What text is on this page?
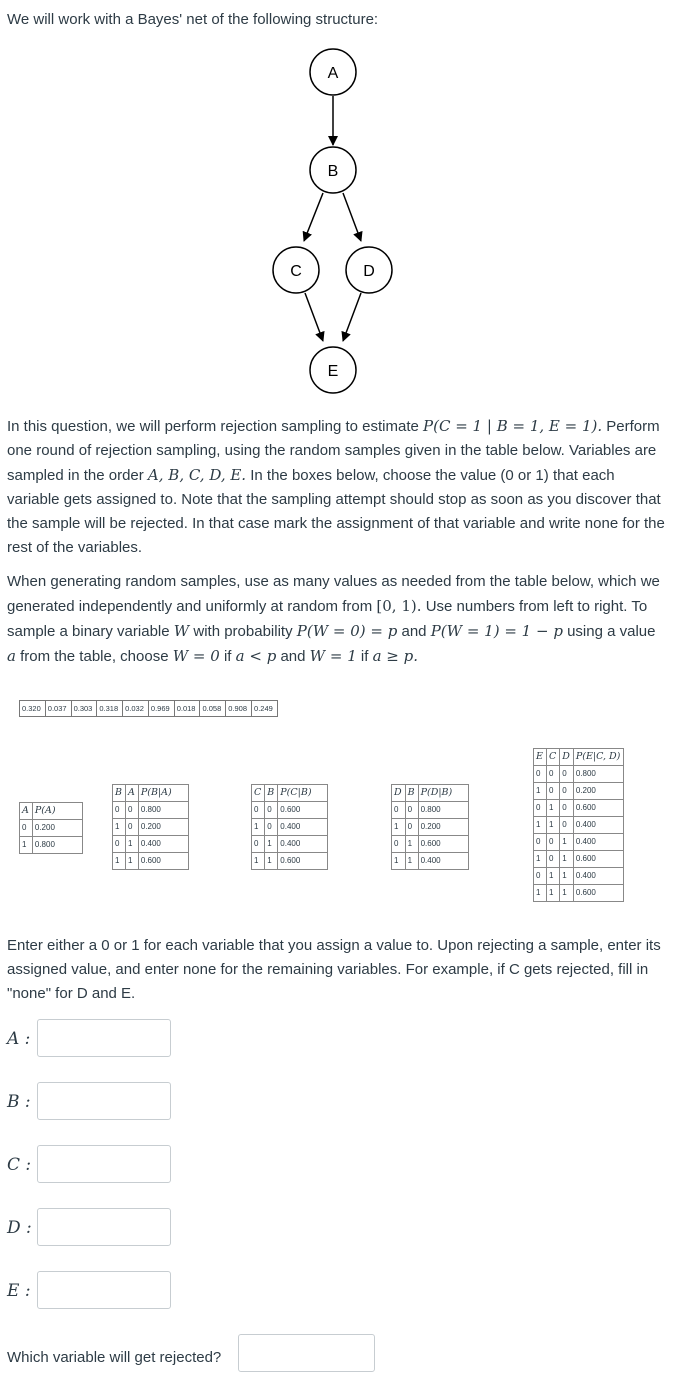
We will work with a Bayes' net of the following structure:
A
B
C	D
E

In this question, we will perform rejection sampling to estimate P(C = 1 | B = 1, E = 1). Perform one round of rejection sampling, using the random samples given in the table below. Variables are sampled in the order A, B, C, D, E. In the boxes below, choose the value (0 or 1) that each variable gets assigned to. Note that the sampling attempt should stop as soon as you discover that the sample will be rejected. In that case mark the assignment of that variable and write none for the rest of the variables.

When generating random samples, use as many values as needed from the table below, which we generated independently and uniformly at random from [0, 1). Use numbers from left to right. To sample a binary variable W with probability P(W = 0) = p and P(W = 1) = 1 − p using a value a from the table, choose W = 0 if a < p and W = 1 if a ≥ p.

0.320	0.037	0.303	0.318	0.032	0.969	0.018	0.058	0.908	0.249
A	P(A)
0	0.200
1	0.800
B	A	P(B|A)
0	0	0.800
1	0	0.200
0	1	0.400
1	1	0.600
C	B	P(C|B)
0	0	0.600
1	0	0.400
0	1	0.400
1	1	0.600
D	B	P(D|B)
0	0	0.800
1	0	0.200
0	1	0.600
1	1	0.400
E	C	D	P(E|C, D)
0	0	0	0.800
1	0	0	0.200
0	1	0	0.600
1	1	0	0.400
0	0	1	0.400
1	0	1	0.600
0	1	1	0.400
1	1	1	0.600
Enter either a 0 or 1 for each variable that you assign a value to. Upon rejecting a sample, enter its assigned value, and enter none for the remaining variables. For example, if C gets rejected, fill in "none" for D and E.
A :
B :
C :
D :
E :
Which variable will get rejected?
